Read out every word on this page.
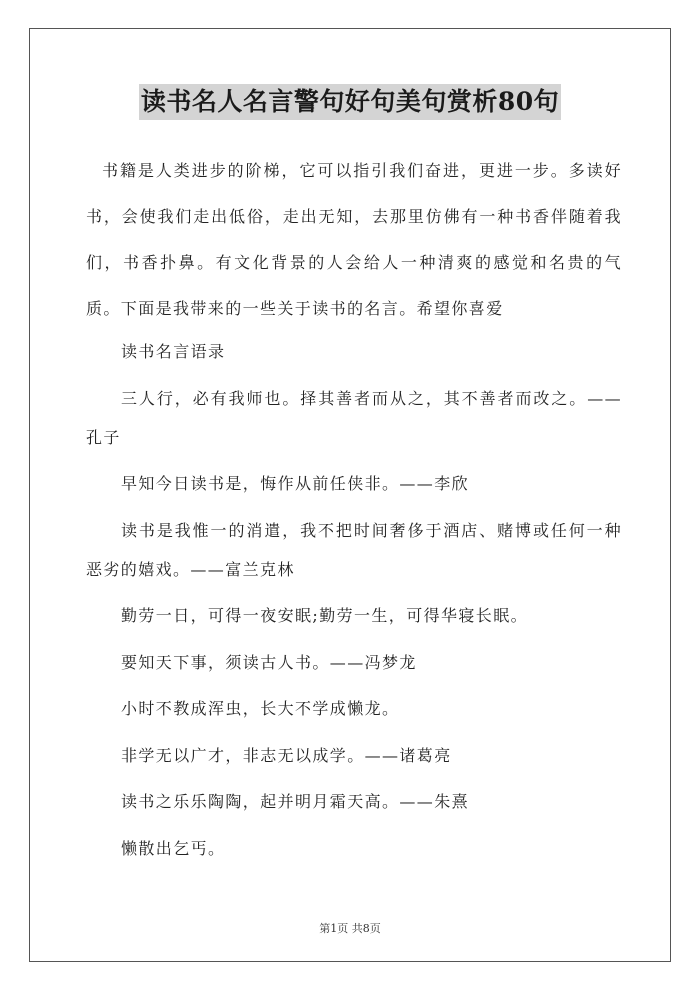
读书名人名言警句好句美句赏析80句

书籍是人类进步的阶梯，它可以指引我们奋进，更进一步。多读好书，会使我们走出低俗，走出无知，去那里仿佛有一种书香伴随着我们，书香扑鼻。有文化背景的人会给人一种清爽的感觉和名贵的气质。下面是我带来的一些关于读书的名言。希望你喜爱

读书名言语录

三人行，必有我师也。择其善者而从之，其不善者而改之。——孔子

早知今日读书是，悔作从前任侠非。——李欣

读书是我惟一的消遣，我不把时间奢侈于酒店、赌博或任何一种恶劣的嬉戏。——富兰克林

勤劳一日，可得一夜安眠;勤劳一生，可得华寝长眠。

要知天下事，须读古人书。——冯梦龙

小时不教成浑虫，长大不学成懒龙。

非学无以广才，非志无以成学。——诸葛亮

读书之乐乐陶陶，起并明月霜天高。——朱熹

懒散出乞丐。

第1页 共8页
